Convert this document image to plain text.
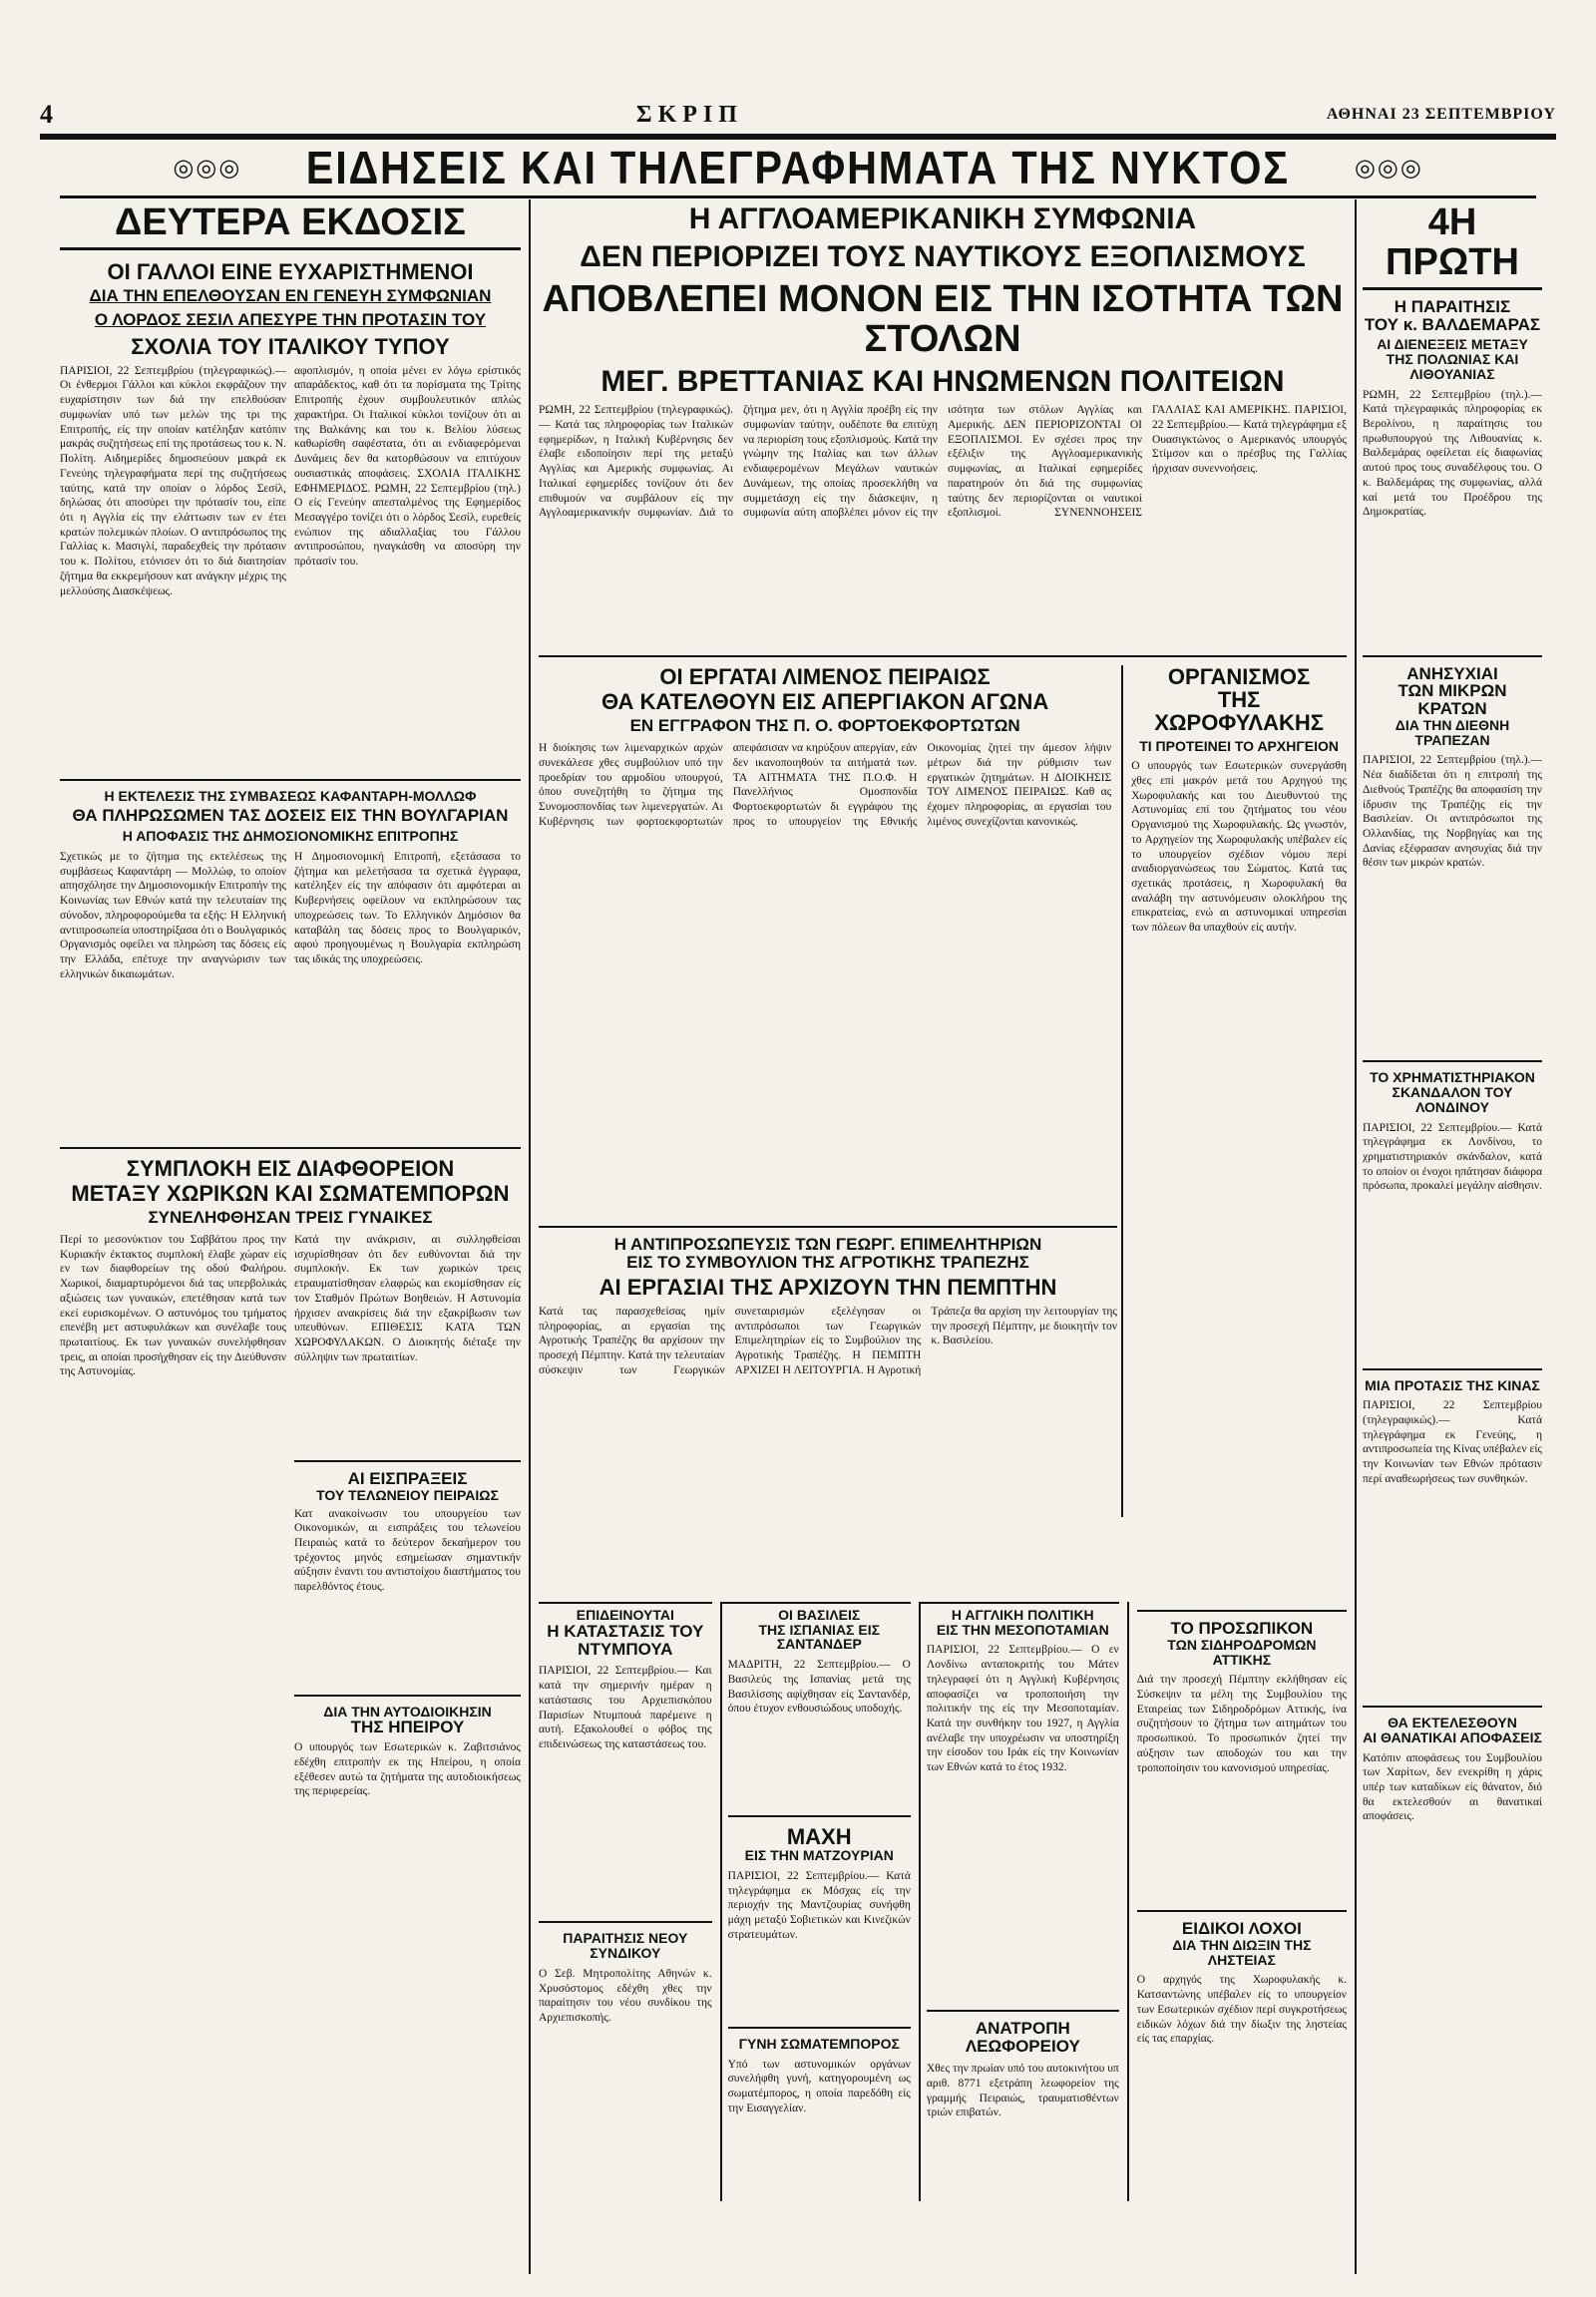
4	ΣΚΡΙΠ	ΑΘΗΝΑΙ 23 ΣΕΠΤΕΜΒΡΙΟΥ
◎◎◎ ΕΙΔΗΣΕΙΣ ΚΑΙ ΤΗΛΕΓΡΑΦΗΜΑΤΑ ΤΗΣ ΝΥΚΤΟΣ	◎◎◎
ΔΕΥΤΕΡΑ ΕΚΔΟΣΙΣ
ΟΙ ΓΑΛΛΟΙ ΕΙΝΕ ΕΥΧΑΡΙΣΤΗΜΕΝΟΙ
ΔΙΑ ΤΗΝ ΕΠΕΛΘΟΥΣΑΝ ΕΝ ΓΕΝΕΥΗ ΣΥΜΦΩΝΙΑΝ
Ο ΛΟΡΔΟΣ ΣΕΣΙΛ ΑΠΕΣΥΡΕ ΤΗΝ ΠΡΟΤΑΣΙΝ ΤΟΥ
ΣΧΟΛΙΑ ΤΟΥ ΙΤΑΛΙΚΟΥ ΤΥΠΟΥ
ΠΑΡΙΣΙΟΙ, 22 Σεπτεμβρίου (τηλεγραφικώς).— Οι ένθερμοι Γάλλοι και κύκλοι εκφράζουν την ευχαρίστησιν των διά την επελθούσαν συμφωνίαν υπό των μελών της τρι της Επιτροπής, είς την οποίαν κατέληξαν κατόπιν μακράς συζητήσεως επί της προτάσεως του κ. Ν. Πολίτη. Αιδημερίδες δημοσιεύουν μακρά εκ Γενεύης τηλεγραφήματα περί της συζητήσεως ταύτης, κατά την οποίαν ο λόρδος Σεσίλ, δηλώσας ότι αποσύρει την πρότασίν του, είπε ότι η Αγγλία είς την ελάττωσιν των εν έτει κρατών πολεμικών πλοίων. Ο αντιπρόσωπος της Γαλλίας κ. Μασιγλί, παραδεχθείς την πρότασιν του κ. Πολίτου, ετόνισεν ότι το διά διαιτησίαν ζήτημα θα εκκρεμήσουν κατ ανάγκην μέχρις της μελλούσης Διασκέψεως.
αφοπλισμόν, η οποία μένει εν λόγω ερίστικός απαράδεκτος, καθ ότι τα πορίσματα της Τρίτης Επιτροπής έχουν συμβουλευτικόν απλώς χαρακτήρα. Οι Ιταλικοί κύκλοι τονίζουν ότι αι της Βαλκάνης και του κ. Βελίου λύσεως καθωρίσθη σαφέστατα, ότι αι ενδιαφερόμεναι Δυνάμεις δεν θα κατορθώσουν να επιτύχουν ουσιαστικάς αποφάσεις. ΣΧΟΛΙΑ ΙΤΑΛΙΚΗΣ ΕΦΗΜΕΡΙΔΟΣ. ΡΩΜΗ, 22 Σεπτεμβρίου (τηλ.) Ο είς Γενεύην απεσταλμένος της Εφημερίδος Μεσαγγέρο τονίζει ότι ο λόρδος Σεσίλ, ευρεθείς ενώπιον της αδιαλλαξίας του Γάλλου αντιπροσώπου, ηναγκάσθη να αποσύρη την πρότασίν του.
Η ΕΚΤΕΛΕΣΙΣ ΤΗΣ ΣΥΜΒΑΣΕΩΣ ΚΑΦΑΝΤΑΡΗ-ΜΟΛΛΩΦ
ΘΑ ΠΛΗΡΩΣΩΜΕΝ ΤΑΣ ΔΟΣΕΙΣ ΕΙΣ ΤΗΝ ΒΟΥΛΓΑΡΙΑΝ
Η ΑΠΟΦΑΣΙΣ ΤΗΣ ΔΗΜΟΣΙΟΝΟΜΙΚΗΣ ΕΠΙΤΡΟΠΗΣ
Σχετικώς με το ζήτημα της εκτελέσεως της συμβάσεως Καφαντάρη — Μολλώφ, το οποίον απησχόλησε την Δημοσιονομικήν Επιτροπήν της Κοινωνίας των Εθνών κατά την τελευταίαν της σύνοδον, πληροφορούμεθα τα εξής: Η Ελληνική αντιπροσωπεία υποστηρίξασα ότι ο Βουλγαρικός Οργανισμός οφείλει να πληρώση τας δόσεις είς την Ελλάδα, επέτυχε την αναγνώρισιν των ελληνικών δικαιωμάτων.
Η Δημοσιονομική Επιτροπή, εξετάσασα το ζήτημα και μελετήσασα τα σχετικά έγγραφα, κατέληξεν είς την απόφασιν ότι αμφότεραι αι Κυβερνήσεις οφείλουν να εκπληρώσουν τας υποχρεώσεις των. Το Ελληνικόν Δημόσιον θα καταβάλη τας δόσεις προς το Βουλγαρικόν, αφού προηγουμένως η Βουλγαρία εκπληρώση τας ιδικάς της υποχρεώσεις.
ΣΥΜΠΛΟΚΗ ΕΙΣ ΔΙΑΦΘΟΡΕΙΟΝ
ΜΕΤΑΞΥ ΧΩΡΙΚΩΝ ΚΑΙ ΣΩΜΑΤΕΜΠΟΡΩΝ
ΣΥΝΕΛΗΦΘΗΣΑΝ ΤΡΕΙΣ ΓΥΝΑΙΚΕΣ
Περί το μεσονύκτιον του Σαββάτου προς την Κυριακήν έκτακτος συμπλοκή έλαβε χώραν είς εν των διαφθορείων της οδού Φαλήρου. Χωρικοί, διαμαρτυρόμενοι διά τας υπερβολικάς αξιώσεις των γυναικών, επετέθησαν κατά των εκεί ευρισκομένων. Ο αστυνόμος του τμήματος επενέβη μετ αστυφυλάκων και συνέλαβε τους πρωταιτίους. Εκ των γυναικών συνελήφθησαν τρεις, αι οποίαι προσήχθησαν είς την Διεύθυνσιν της Αστυνομίας.
Κατά την ανάκρισιν, αι συλληφθείσαι ισχυρίσθησαν ότι δεν ευθύνονται διά την συμπλοκήν. Εκ των χωρικών τρεις ετραυματίσθησαν ελαφρώς και εκομίσθησαν είς τον Σταθμόν Πρώτων Βοηθειών. Η Αστυνομία ήρχισεν ανακρίσεις διά την εξακρίβωσιν των υπευθύνων. ΕΠΙΘΕΣΙΣ ΚΑΤΑ ΤΩΝ ΧΩΡΟΦΥΛΑΚΩΝ. Ο Διοικητής διέταξε την σύλληψιν των πρωταιτίων.
ΑΙ ΕΙΣΠΡΑΞΕΙΣ
ΤΟΥ ΤΕΛΩΝΕΙΟΥ ΠΕΙΡΑΙΩΣ
Κατ ανακοίνωσιν του υπουργείου των Οικονομικών, αι εισπράξεις του τελωνείου Πειραιώς κατά το δεύτερον δεκαήμερον του τρέχοντος μηνός εσημείωσαν σημαντικήν αύξησιν έναντι του αντιστοίχου διαστήματος του παρελθόντος έτους.
ΔΙΑ ΤΗΝ ΑΥΤΟΔΙΟΙΚΗΣΙΝ
ΤΗΣ ΗΠΕΙΡΟΥ
Ο υπουργός των Εσωτερικών κ. Ζαβιτσιάνος εδέχθη επιτροπήν εκ της Ηπείρου, η οποία εξέθεσεν αυτώ τα ζητήματα της αυτοδιοικήσεως της περιφερείας.
Η ΑΓΓΛΟΑΜΕΡΙΚΑΝΙΚΗ ΣΥΜΦΩΝΙΑ
ΔΕΝ ΠΕΡΙΟΡΙΖΕΙ ΤΟΥΣ ΝΑΥΤΙΚΟΥΣ ΕΞΟΠΛΙΣΜΟΥΣ
ΑΠΟΒΛΕΠΕΙ ΜΟΝΟΝ ΕΙΣ ΤΗΝ ΙΣΟΤΗΤΑ ΤΩΝ ΣΤΟΛΩΝ
ΜΕΓ. ΒΡΕΤΤΑΝΙΑΣ ΚΑΙ ΗΝΩΜΕΝΩΝ ΠΟΛΙΤΕΙΩΝ
ΡΩΜΗ, 22 Σεπτεμβρίου (τηλεγραφικώς).— Κατά τας πληροφορίας των Ιταλικών εφημερίδων, η Ιταλική Κυβέρνησις δεν έλαβε ειδοποίησιν περί της μεταξύ Αγγλίας και Αμερικής συμφωνίας. Αι Ιταλικαί εφημερίδες τονίζουν ότι δεν επιθυμούν να συμβάλουν είς την Αγγλοαμερικανικήν συμφωνίαν. Διά το ζήτημα μεν, ότι η Αγγλία προέβη είς την συμφωνίαν ταύτην, ουδέποτε θα επιτύχη να περιορίση τους εξοπλισμούς. Κατά την γνώμην της Ιταλίας και των άλλων ενδιαφερομένων Μεγάλων ναυτικών Δυνάμεων, της οποίας προσεκλήθη να συμμετάσχη είς την διάσκεψιν, η συμφωνία αύτη αποβλέπει μόνον είς την ισότητα των στόλων Αγγλίας και Αμερικής. ΔΕΝ ΠΕΡΙΟΡΙΖΟΝΤΑΙ ΟΙ ΕΞΟΠΛΙΣΜΟΙ. Εν σχέσει προς την εξέλιξιν της Αγγλοαμερικανικής συμφωνίας, αι Ιταλικαί εφημερίδες παρατηρούν ότι διά της συμφωνίας ταύτης δεν περιορίζονται οι ναυτικοί εξοπλισμοί. ΣΥΝΕΝΝΟΗΣΕΙΣ ΓΑΛΛΙΑΣ ΚΑΙ ΑΜΕΡΙΚΗΣ. ΠΑΡΙΣΙΟΙ, 22 Σεπτεμβρίου.— Κατά τηλεγράφημα εξ Ουασιγκτώνος ο Αμερικανός υπουργός Στίμσον και ο πρέσβυς της Γαλλίας ήρχισαν συνεννοήσεις.
ΟΙ ΕΡΓΑΤΑΙ ΛΙΜΕΝΟΣ ΠΕΙΡΑΙΩΣ
ΘΑ ΚΑΤΕΛΘΟΥΝ ΕΙΣ ΑΠΕΡΓΙΑΚΟΝ ΑΓΩΝΑ
ΕΝ ΕΓΓΡΑΦΟΝ ΤΗΣ Π. Ο. ΦΟΡΤΟΕΚΦΟΡΤΩΤΩΝ
Η διοίκησις των λιμεναρχικών αρχών συνεκάλεσε χθες συμβούλιον υπό την προεδρίαν του αρμοδίου υπουργού, όπου συνεζητήθη το ζήτημα της Συνομοσπονδίας των λιμενεργατών. Αι Κυβέρνησις των φορτοεκφορτωτών απεφάσισαν να κηρύξουν απεργίαν, εάν δεν ικανοποιηθούν τα αιτήματά των. ΤΑ ΑΙΤΗΜΑΤΑ ΤΗΣ Π.Ο.Φ. Η Πανελλήνιος Ομοσπονδία Φορτοεκφορτωτών δι εγγράφου της προς το υπουργείον της Εθνικής Οικονομίας ζητεί την άμεσον λήψιν μέτρων διά την ρύθμισιν των εργατικών ζητημάτων. Η ΔΙΟΙΚΗΣΙΣ ΤΟΥ ΛΙΜΕΝΟΣ ΠΕΙΡΑΙΩΣ. Καθ ας έχομεν πληροφορίας, αι εργασίαι του λιμένος συνεχίζονται κανονικώς.
ΟΡΓΑΝΙΣΜΟΣ
ΤΗΣ ΧΩΡΟΦΥΛΑΚΗΣ
ΤΙ ΠΡΟΤΕΙΝΕΙ ΤΟ ΑΡΧΗΓΕΙΟΝ
Ο υπουργός των Εσωτερικών συνεργάσθη χθες επί μακρόν μετά του Αρχηγού της Χωροφυλακής και του Διευθυντού της Αστυνομίας επί του ζητήματος του νέου Οργανισμού της Χωροφυλακής. Ως γνωστόν, το Αρχηγείον της Χωροφυλακής υπέβαλεν είς το υπουργείον σχέδιον νόμου περί αναδιοργανώσεως του Σώματος. Κατά τας σχετικάς προτάσεις, η Χωροφυλακή θα αναλάβη την αστυνόμευσιν ολοκλήρου της επικρατείας, ενώ αι αστυνομικαί υπηρεσίαι των πόλεων θα υπαχθούν είς αυτήν.
Η ΑΝΤΙΠΡΟΣΩΠΕΥΣΙΣ ΤΩΝ ΓΕΩΡΓ. ΕΠΙΜΕΛΗΤΗΡΙΩΝ
ΕΙΣ ΤΟ ΣΥΜΒΟΥΛΙΟΝ ΤΗΣ ΑΓΡΟΤΙΚΗΣ ΤΡΑΠΕΖΗΣ
ΑΙ ΕΡΓΑΣΙΑΙ ΤΗΣ ΑΡΧΙΖΟΥΝ ΤΗΝ ΠΕΜΠΤΗΝ
Κατά τας παρασχεθείσας ημίν πληροφορίας, αι εργασίαι της Αγροτικής Τραπέζης θα αρχίσουν την προσεχή Πέμπτην. Κατά την τελευταίαν σύσκεψιν των Γεωργικών συνεταιρισμών εξελέγησαν οι αντιπρόσωποι των Γεωργικών Επιμελητηρίων είς το Συμβούλιον της Αγροτικής Τραπέζης. Η ΠΕΜΠΤΗ ΑΡΧΙΖΕΙ Η ΛΕΙΤΟΥΡΓΙΑ. Η Αγροτική Τράπεζα θα αρχίση την λειτουργίαν της την προσεχή Πέμπτην, με διοικητήν τον κ. Βασιλείου.
ΕΠΙΔΕΙΝΟΥΤΑΙ
Η ΚΑΤΑΣΤΑΣΙΣ ΤΟΥ ΝΤΥΜΠΟΥΑ
ΠΑΡΙΣΙΟΙ, 22 Σεπτεμβρίου.— Και κατά την σημερινήν ημέραν η κατάστασις του Αρχιεπισκόπου Παρισίων Ντυμπουά παρέμεινε η αυτή. Εξακολουθεί ο φόβος της επιδεινώσεως της καταστάσεως του.
ΠΑΡΑΙΤΗΣΙΣ ΝΕΟΥ ΣΥΝΔΙΚΟΥ
Ο Σεβ. Μητροπολίτης Αθηνών κ. Χρυσόστομος εδέχθη χθες την παραίτησιν του νέου συνδίκου της Αρχιεπισκοπής.
ΟΙ ΒΑΣΙΛΕΙΣ
ΤΗΣ ΙΣΠΑΝΙΑΣ ΕΙΣ ΣΑΝΤΑΝΔΕΡ
ΜΑΔΡΙΤΗ, 22 Σεπτεμβρίου.— Ο Βασιλεύς της Ισπανίας μετά της Βασιλίσσης αφίχθησαν είς Σαντανδέρ, όπου έτυχον ενθουσιώδους υποδοχής.
ΜΑΧΗ
ΕΙΣ ΤΗΝ ΜΑΤΖΟΥΡΙΑΝ
ΠΑΡΙΣΙΟΙ, 22 Σεπτεμβρίου.— Κατά τηλεγράφημα εκ Μόσχας είς την περιοχήν της Μαντζουρίας συνήφθη μάχη μεταξύ Σοβιετικών και Κινεζικών στρατευμάτων.
ΓΥΝΗ ΣΩΜΑΤΕΜΠΟΡΟΣ
Υπό των αστυνομικών οργάνων συνελήφθη γυνή, κατηγορουμένη ως σωματέμπορος, η οποία παρεδόθη είς την Εισαγγελίαν.
Η ΑΓΓΛΙΚΗ ΠΟΛΙΤΙΚΗ
ΕΙΣ ΤΗΝ ΜΕΣΟΠΟΤΑΜΙΑΝ
ΠΑΡΙΣΙΟΙ, 22 Σεπτεμβρίου.— Ο εν Λονδίνω ανταποκριτής του Μάτεν τηλεγραφεί ότι η Αγγλική Κυβέρνησις αποφασίζει να τροποποιήση την πολιτικήν της είς την Μεσοποταμίαν. Κατά την συνθήκην του 1927, η Αγγλία ανέλαβε την υποχρέωσιν να υποστηρίξη την είσοδον του Ιράκ είς την Κοινωνίαν των Εθνών κατά το έτος 1932.
ΑΝΑΤΡΟΠΗ ΛΕΩΦΟΡΕΙΟΥ
Χθες την πρωίαν υπό του αυτοκινήτου υπ αριθ. 8771 εξετράπη λεωφορείον της γραμμής Πειραιώς, τραυματισθέντων τριών επιβατών.
ΤΟ ΠΡΟΣΩΠΙΚΟΝ
ΤΩΝ ΣΙΔΗΡΟΔΡΟΜΩΝ ΑΤΤΙΚΗΣ
Διά την προσεχή Πέμπτην εκλήθησαν είς Σύσκεψιν τα μέλη της Συμβουλίου της Εταιρείας των Σιδηροδρόμων Αττικής, ίνα συζητήσουν το ζήτημα των αιτημάτων του προσωπικού. Το προσωπικόν ζητεί την αύξησιν των αποδοχών του και την τροποποίησιν του κανονισμού υπηρεσίας.
ΕΙΔΙΚΟΙ ΛΟΧΟΙ
ΔΙΑ ΤΗΝ ΔΙΩΞΙΝ ΤΗΣ ΛΗΣΤΕΙΑΣ
Ο αρχηγός της Χωροφυλακής κ. Κατσαντώνης υπέβαλεν είς το υπουργείον των Εσωτερικών σχέδιον περί συγκροτήσεως ειδικών λόχων διά την δίωξιν της ληστείας είς τας επαρχίας.
4Η ΠΡΩΤΗ
Η ΠΑΡΑΙΤΗΣΙΣ
ΤΟΥ κ. ΒΑΛΔΕΜΑΡΑΣ
ΑΙ ΔΙΕΝΕΞΕΙΣ ΜΕΤΑΞΥ ΤΗΣ ΠΟΛΩΝΙΑΣ ΚΑΙ ΛΙΘΟΥΑΝΙΑΣ
ΡΩΜΗ, 22 Σεπτεμβρίου (τηλ.).— Κατά τηλεγραφικάς πληροφορίας εκ Βερολίνου, η παραίτησις του πρωθυπουργού της Λιθουανίας κ. Βαλδεμάρας οφείλεται είς διαφωνίας αυτού προς τους συναδέλφους του. Ο κ. Βαλδεμάρας της συμφωνίας, αλλά καί μετά του Προέδρου της Δημοκρατίας.
ΑΝΗΣΥΧΙΑΙ
ΤΩΝ ΜΙΚΡΩΝ ΚΡΑΤΩΝ
ΔΙΑ ΤΗΝ ΔΙΕΘΝΗ ΤΡΑΠΕΖΑΝ
ΠΑΡΙΣΙΟΙ, 22 Σεπτεμβρίου (τηλ.).— Νέα διαδίδεται ότι η επιτροπή της Διεθνούς Τραπέζης θα αποφασίση την ίδρυσιν της Τραπέζης είς την Βασιλείαν. Οι αντιπρόσωποι της Ολλανδίας, της Νορβηγίας και της Δανίας εξέφρασαν ανησυχίας διά την θέσιν των μικρών κρατών.
ΤΟ ΧΡΗΜΑΤΙΣΤΗΡΙΑΚΟΝ
ΣΚΑΝΔΑΛΟΝ ΤΟΥ ΛΟΝΔΙΝΟΥ
ΠΑΡΙΣΙΟΙ, 22 Σεπτεμβρίου.— Κατά τηλεγράφημα εκ Λονδίνου, το χρηματιστηριακόν σκάνδαλον, κατά το οποίον οι ένοχοι ηπάτησαν διάφορα πρόσωπα, προκαλεί μεγάλην αίσθησιν.
ΜΙΑ ΠΡΟΤΑΣΙΣ ΤΗΣ ΚΙΝΑΣ
ΠΑΡΙΣΙΟΙ, 22 Σεπτεμβρίου (τηλεγραφικώς).— Κατά τηλεγράφημα εκ Γενεύης, η αντιπροσωπεία της Κίνας υπέβαλεν είς την Κοινωνίαν των Εθνών πρότασιν περί αναθεωρήσεως των συνθηκών.
ΘΑ ΕΚΤΕΛΕΣΘΟΥΝ
ΑΙ ΘΑΝΑΤΙΚΑΙ ΑΠΟΦΑΣΕΙΣ
Κατόπιν αποφάσεως του Συμβουλίου των Χαρίτων, δεν ενεκρίθη η χάρις υπέρ των καταδίκων είς θάνατον, διό θα εκτελεσθούν αι θανατικαί αποφάσεις.
